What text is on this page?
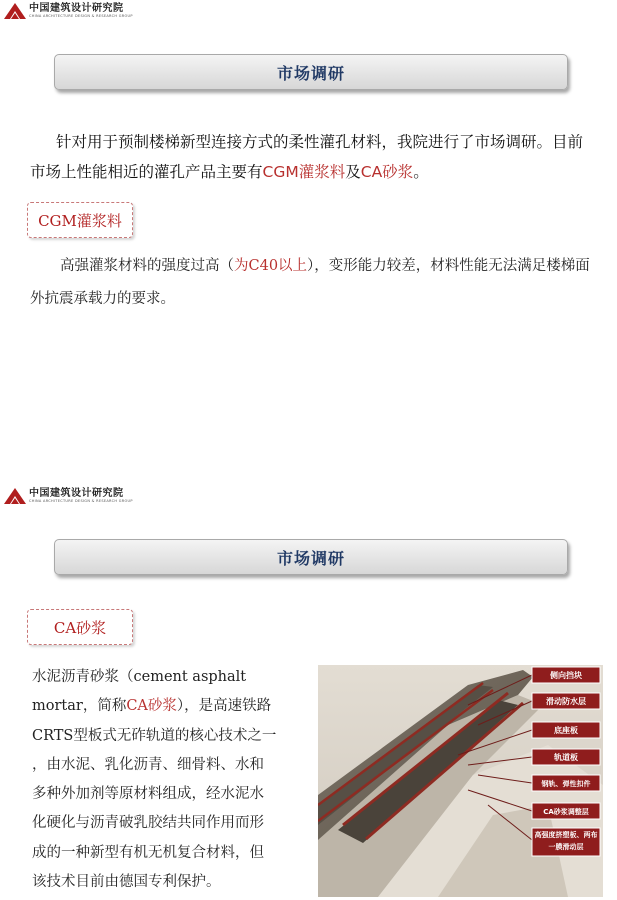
中国建筑设计研究院
CHINA ARCHITECTURE DESIGN & RESEARCH GROUP
市场调研

针对用于预制楼梯新型连接方式的柔性灌孔材料，我院进行了市场调研。目前市场上性能相近的灌孔产品主要有CGM灌浆料及CA砂浆。

CGM灌浆料

高强灌浆材料的强度过高（为C40以上），变形能力较差，材料性能无法满足楼梯面外抗震承载力的要求。

中国建筑设计研究院
CHINA ARCHITECTURE DESIGN & RESEARCH GROUP
市场调研
CA砂浆
水泥沥青砂浆（cement asphalt
mortar，简称CA砂浆），是高速铁路
CRTS型板式无砟轨道的核心技术之一
，由水泥、乳化沥青、细骨料、水和
多种外加剂等原材料组成，经水泥水
化硬化与沥青破乳胶结共同作用而形
成的一种新型有机无机复合材料，但
该技术目前由德国专利保护。
侧向挡块
滑动防水层
底座板
轨道板
钢轨、弹性扣件
CA砂浆调整层
高强度挤塑板、两布一膜滑动层
